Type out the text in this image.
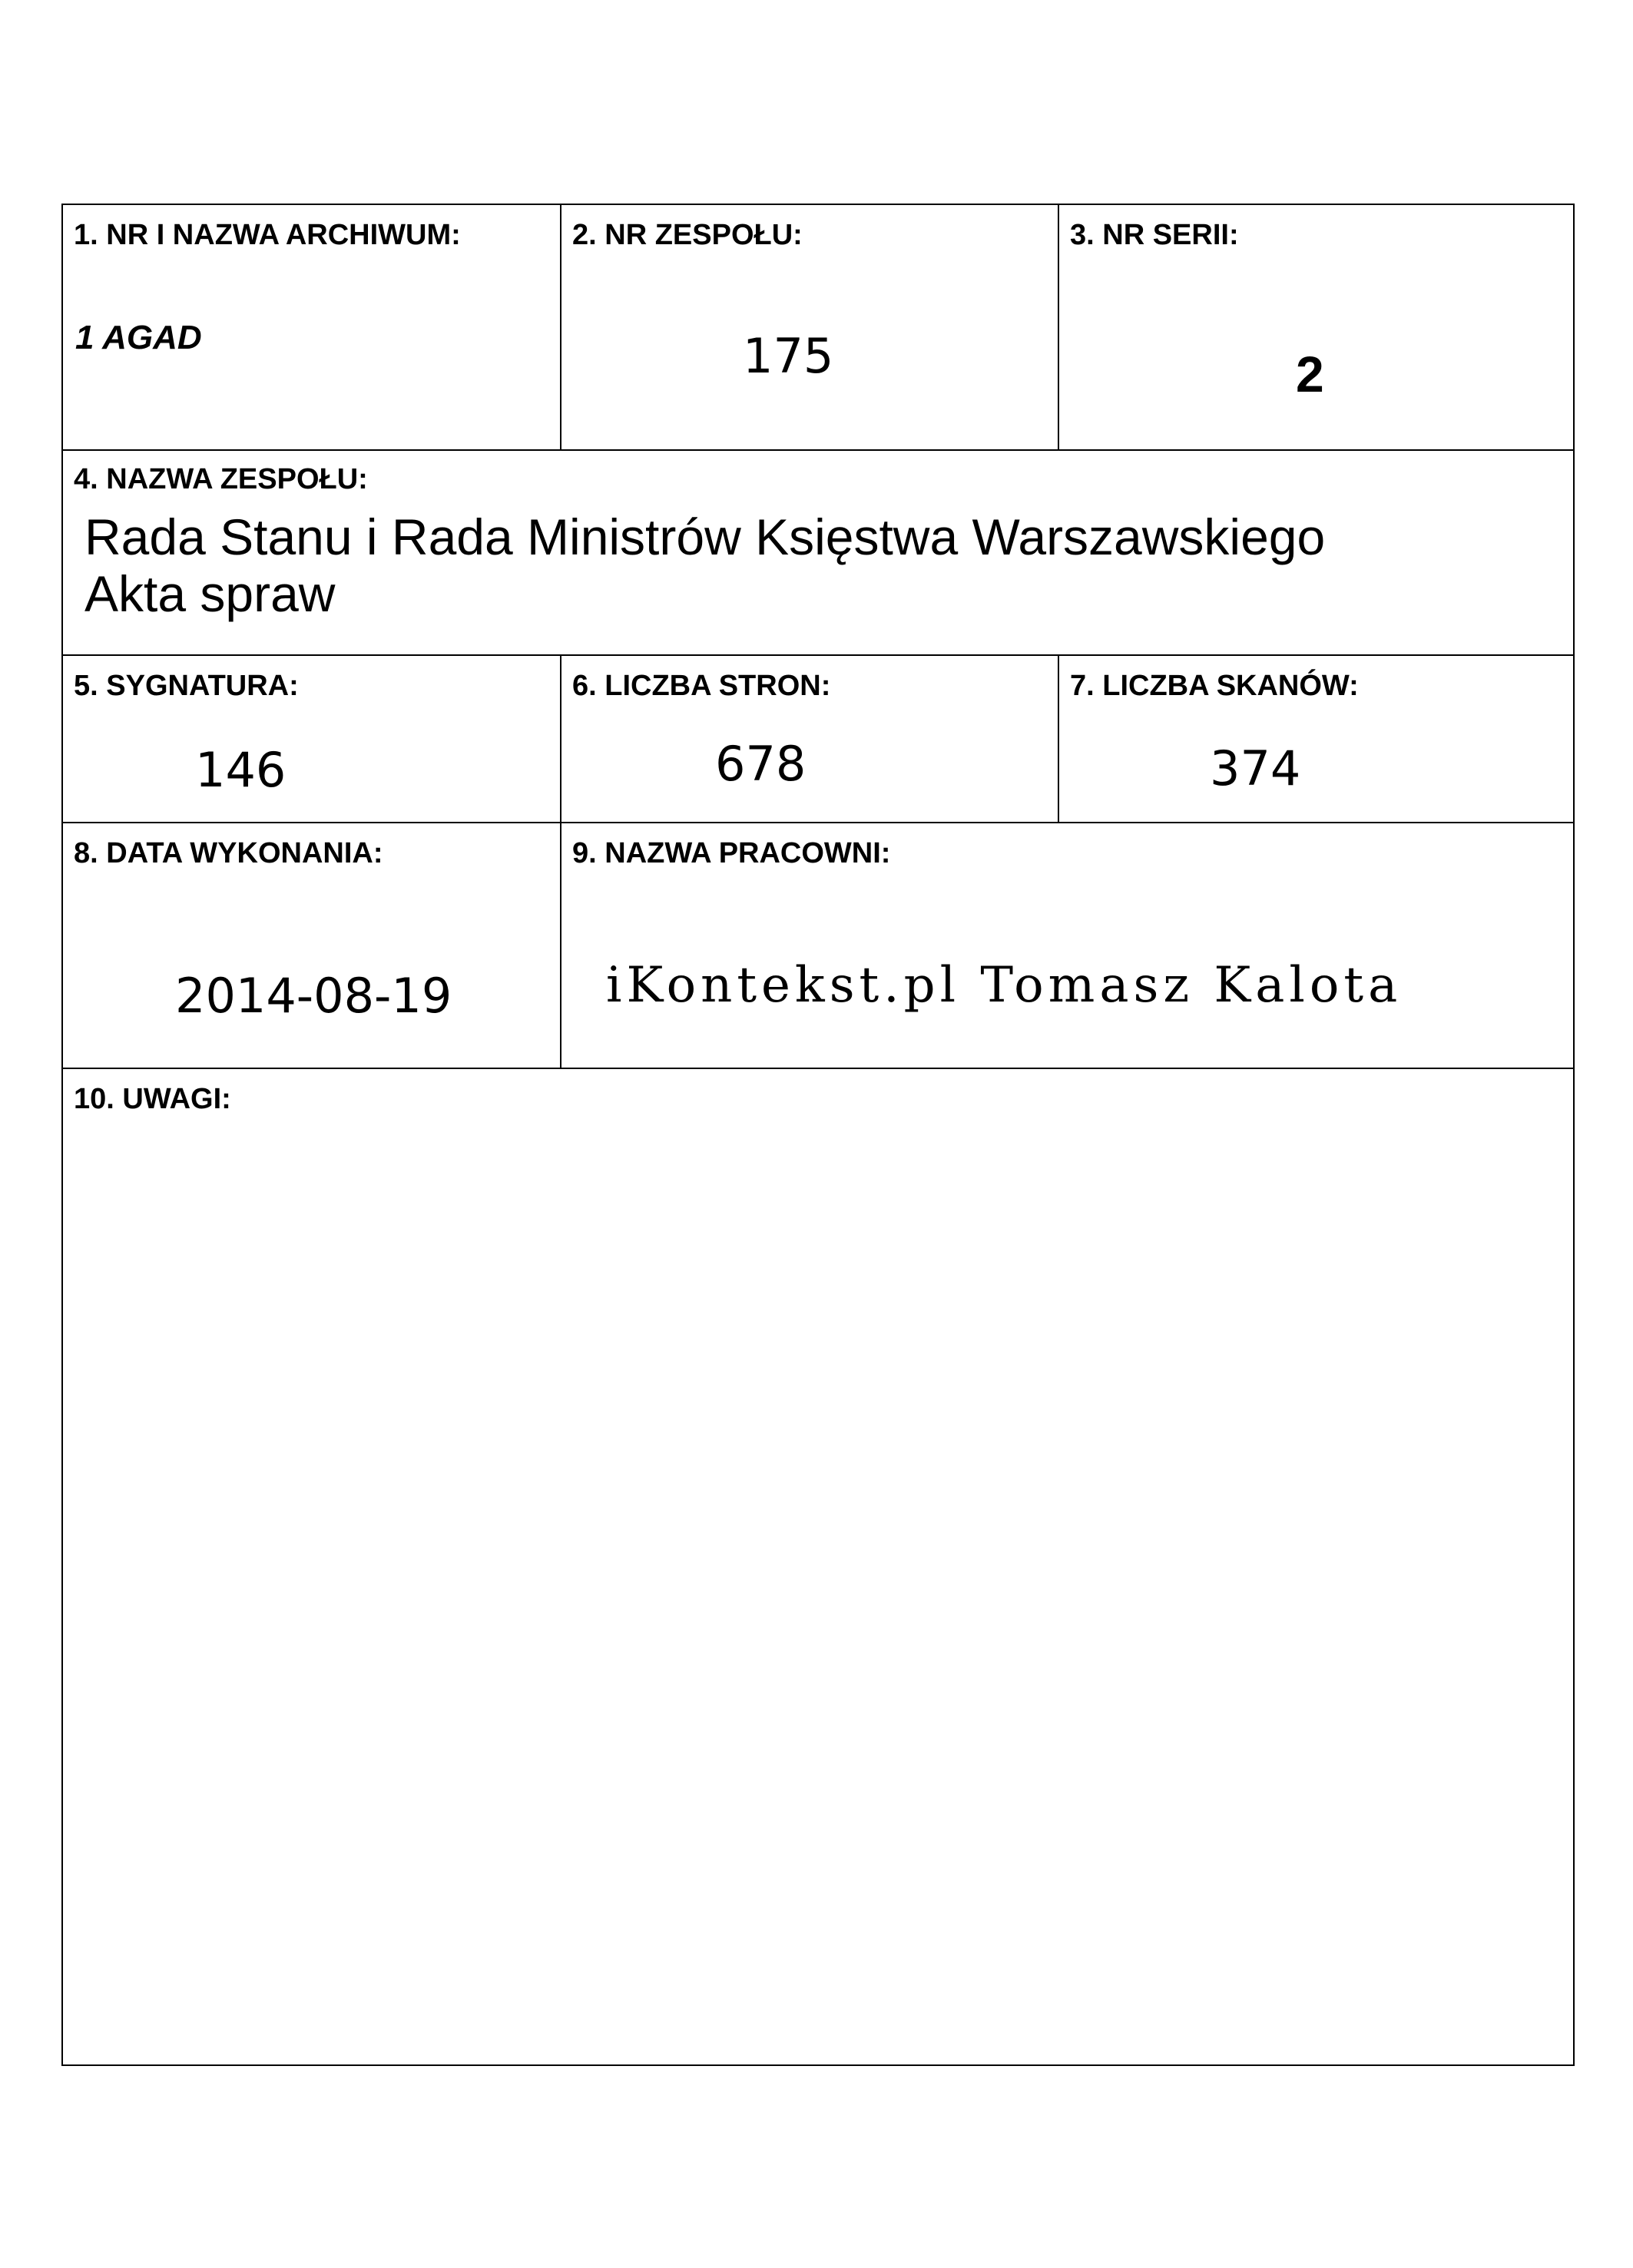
1. NR I NAZWA ARCHIWUM:
1 AGAD
2. NR ZESPOŁU:
175
3. NR SERII:
2
4. NAZWA ZESPOŁU:
Rada Stanu i Rada Ministrów Księstwa Warszawskiego
Akta spraw
5. SYGNATURA:
146
6. LICZBA STRON:
678
7. LICZBA SKANÓW:
374
8. DATA WYKONANIA:
2014-08-19
9. NAZWA PRACOWNI:
iKontekst.pl Tomasz Kalota
10. UWAGI:
